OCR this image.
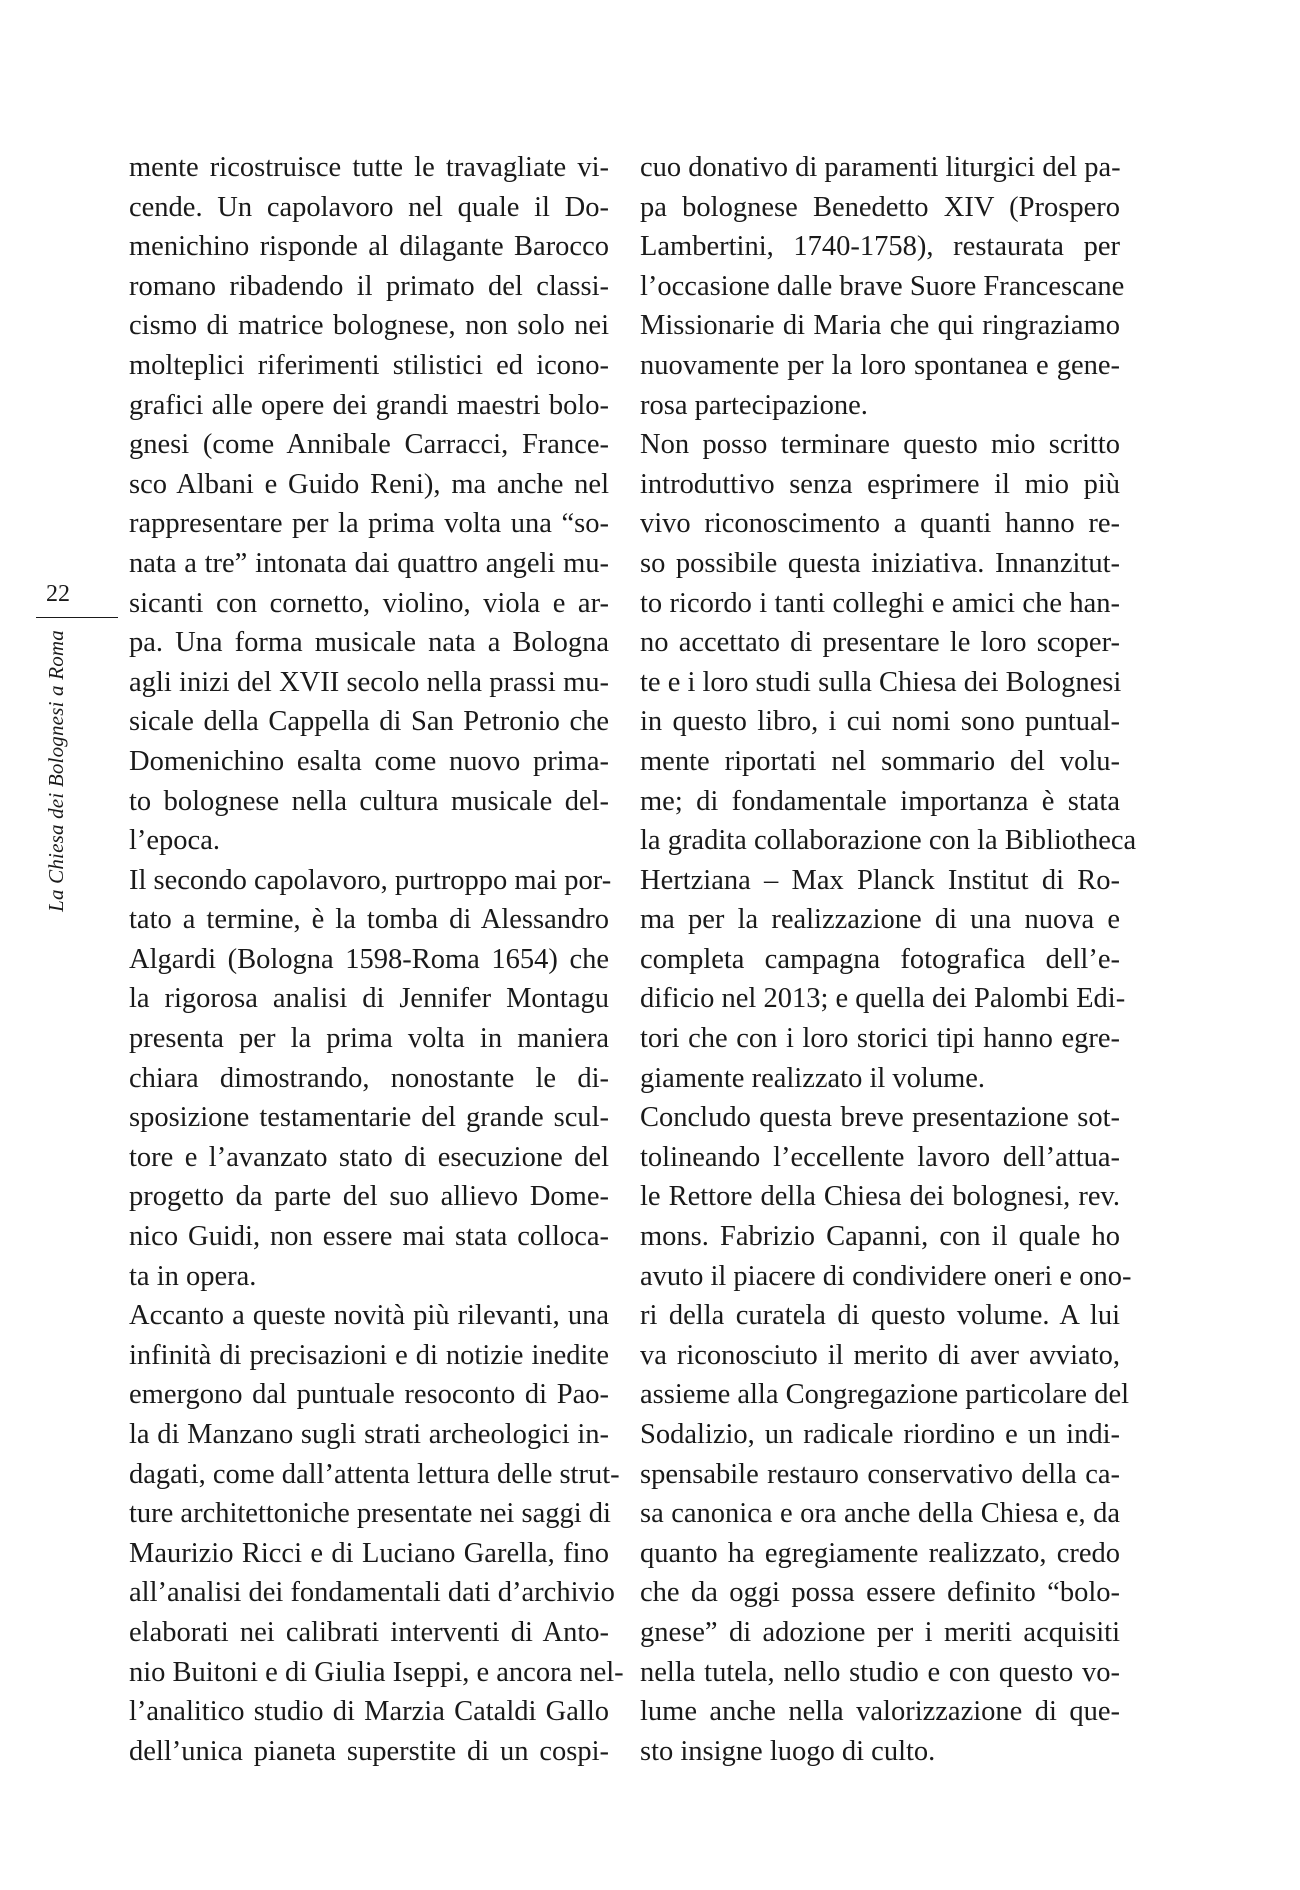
22
La Chiesa dei Bolognesi a Roma
mente ricostruisce tutte le travagliate vi-
cende. Un capolavoro nel quale il Do-
menichino risponde al dilagante Barocco
romano ribadendo il primato del classi-
cismo di matrice bolognese, non solo nei
molteplici riferimenti stilistici ed icono-
grafici alle opere dei grandi maestri bolo-
gnesi (come Annibale Carracci, France-
sco Albani e Guido Reni), ma anche nel
rappresentare per la prima volta una “so-
nata a tre” intonata dai quattro angeli mu-
sicanti con cornetto, violino, viola e ar-
pa. Una forma musicale nata a Bologna
agli inizi del XVII secolo nella prassi mu-
sicale della Cappella di San Petronio che
Domenichino esalta come nuovo prima-
to bolognese nella cultura musicale del-
l’epoca.
Il secondo capolavoro, purtroppo mai por-
tato a termine, è la tomba di Alessandro
Algardi (Bologna 1598-Roma 1654) che
la rigorosa analisi di Jennifer Montagu
presenta per la prima volta in maniera
chiara dimostrando, nonostante le di-
sposizione testamentarie del grande scul-
tore e l’avanzato stato di esecuzione del
progetto da parte del suo allievo Dome-
nico Guidi, non essere mai stata colloca-
ta in opera.
Accanto a queste novità più rilevanti, una
infinità di precisazioni e di notizie inedite
emergono dal puntuale resoconto di Pao-
la di Manzano sugli strati archeologici in-
dagati, come dall’attenta lettura delle strut-
ture architettoniche presentate nei saggi di
Maurizio Ricci e di Luciano Garella, fino
all’analisi dei fondamentali dati d’archivio
elaborati nei calibrati interventi di Anto-
nio Buitoni e di Giulia Iseppi, e ancora nel-
l’analitico studio di Marzia Cataldi Gallo
dell’unica pianeta superstite di un cospi-
cuo donativo di paramenti liturgici del pa-
pa bolognese Benedetto XIV (Prospero
Lambertini, 1740-1758), restaurata per
l’occasione dalle brave Suore Francescane
Missionarie di Maria che qui ringraziamo
nuovamente per la loro spontanea e gene-
rosa partecipazione.
Non posso terminare questo mio scritto
introduttivo senza esprimere il mio più
vivo riconoscimento a quanti hanno re-
so possibile questa iniziativa. Innanzitut-
to ricordo i tanti colleghi e amici che han-
no accettato di presentare le loro scoper-
te e i loro studi sulla Chiesa dei Bolognesi
in questo libro, i cui nomi sono puntual-
mente riportati nel sommario del volu-
me; di fondamentale importanza è stata
la gradita collaborazione con la Bibliotheca
Hertziana – Max Planck Institut di Ro-
ma per la realizzazione di una nuova e
completa campagna fotografica dell’e-
dificio nel 2013; e quella dei Palombi Edi-
tori che con i loro storici tipi hanno egre-
giamente realizzato il volume.
Concludo questa breve presentazione sot-
tolineando l’eccellente lavoro dell’attua-
le Rettore della Chiesa dei bolognesi, rev.
mons. Fabrizio Capanni, con il quale ho
avuto il piacere di condividere oneri e ono-
ri della curatela di questo volume. A lui
va riconosciuto il merito di aver avviato,
assieme alla Congregazione particolare del
Sodalizio, un radicale riordino e un indi-
spensabile restauro conservativo della ca-
sa canonica e ora anche della Chiesa e, da
quanto ha egregiamente realizzato, credo
che da oggi possa essere definito “bolo-
gnese” di adozione per i meriti acquisiti
nella tutela, nello studio e con questo vo-
lume anche nella valorizzazione di que-
sto insigne luogo di culto.
